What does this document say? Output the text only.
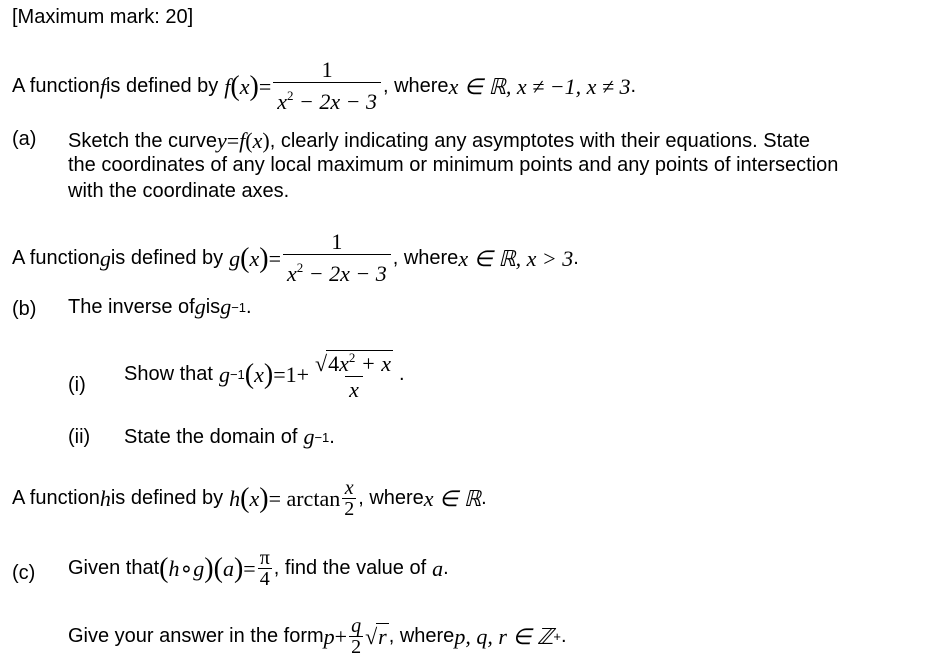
[Maximum mark: 20]
A function f is defined by f ( x ) = $\frac{1}{x^2 - 2x - 3}$ , where x ∈ ℝ, x ≠ −1, x ≠ 3 .
(a) Sketch the curve y = f ( x ) , clearly indicating any asymptotes with their equations. State
the coordinates of any local maximum or minimum points and any points of intersection
with the coordinate axes.
A function g is defined by g ( x ) = $\frac{1}{x^2 - 2x - 3}$ , where x ∈ ℝ, x > 3 .
(b) The inverse of g is g −1 .
(i) Show that g −1 ( x ) $=1+ \frac{√4x^2 + x}{x}$ .
(ii) State the domain of g −1 .
A function h is defined by h ( x ) = $\arctan \frac{x}{2}$ , where x ∈ ℝ .
(c) Given that ( h ∘ g ) ( a ) = $\frac{\pi}{4}$ , find the value of a .
Give your answer in the form $p + \frac{q}{2}$ √ r , where p, q, r ∈ ℤ + .
